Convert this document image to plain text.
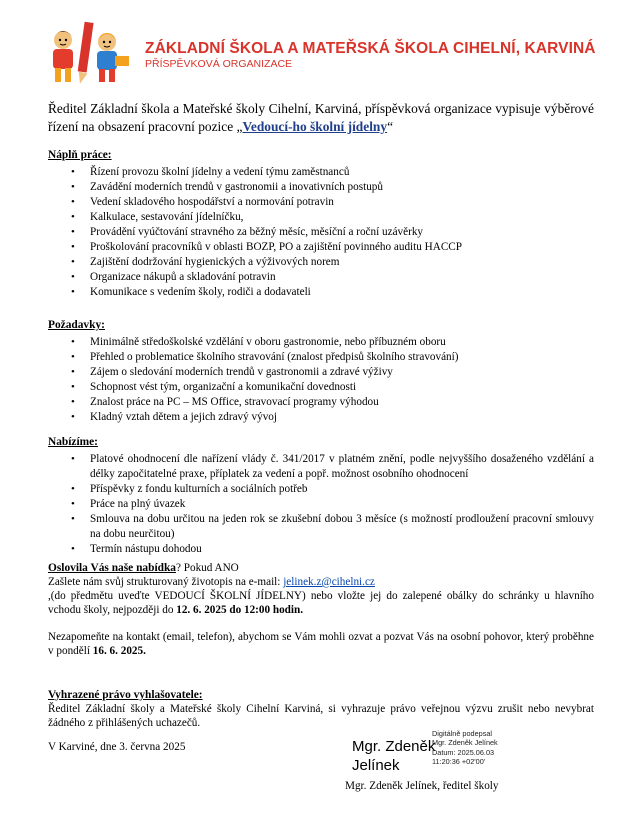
ZÁKLADNÍ ŠKOLA A MATEŘSKÁ ŠKOLA CIHELNÍ, KARVINÁ
PŘÍSPĚVKOVÁ ORGANIZACE
Ředitel Základní škola a Mateřské školy Cihelní, Karviná, příspěvková organizace vypisuje výběrové řízení na obsazení pracovní pozice „Vedoucí-ho školní jídelny“
Náplň práce:
• Řízení provozu školní jídelny a vedení týmu zaměstnanců
• Zavádění moderních trendů v gastronomii a inovativních postupů
• Vedení skladového hospodářství a normování potravin
• Kalkulace, sestavování jídelníčku,
• Provádění vyúčtování stravného za běžný měsíc, měsíční a roční uzávěrky
• Proškolování pracovníků v oblasti BOZP, PO a zajištění povinného auditu HACCP
• Zajištění dodržování hygienických a výživových norem
• Organizace nákupů a skladování potravin
• Komunikace s vedením školy, rodiči a dodavateli
Požadavky:
• Minimálně středoškolské vzdělání v oboru gastronomie, nebo příbuzném oboru
• Přehled o problematice školního stravování (znalost předpisů školního stravování)
• Zájem o sledování moderních trendů v gastronomii a zdravé výživy
• Schopnost vést tým, organizační a komunikační dovednosti
• Znalost práce na PC – MS Office, stravovací programy výhodou
• Kladný vztah dětem a jejich zdravý vývoj
Nabízíme:
• Platové ohodnocení dle nařízení vlády č. 341/2017 v platném znění, podle nejvyššího dosaženého vzdělání a délky započitatelné praxe, příplatek za vedení a popř. možnost osobního ohodnocení
• Příspěvky z fondu kulturních a sociálních potřeb
• Práce na plný úvazek
• Smlouva na dobu určitou na jeden rok se zkušební dobou 3 měsíce (s možností prodloužení pracovní smlouvy na dobu neurčitou)
• Termín nástupu dohodou
Oslovila Vás naše nabídka? Pokud ANO
Zašlete nám svůj strukturovaný životopis na e-mail: jelinek.z@cihelni.cz
,(do předmětu uveďte VEDOUCÍ ŠKOLNÍ JÍDELNY) nebo vložte jej do zalepené obálky do schránky u hlavního vchodu školy, nejpozději do 12. 6. 2025 do 12:00 hodin.
Nezapomeňte na kontakt (email, telefon), abychom se Vám mohli ozvat a pozvat Vás na osobní pohovor, který proběhne v pondělí 16. 6. 2025.
Vyhrazené právo vyhlašovatele:
Ředitel Základní školy a Mateřské školy Cihelní Karviná, si vyhrazuje právo veřejnou výzvu zrušit nebo nevybrat žádného z přihlášených uchazečů.
V Karviné, dne 3. června 2025	Mgr. Zdeněk
Jelínek
Digitálně podepsal
Mgr. Zdeněk Jelínek
Datum: 2025.06.03
11:20:36 +02'00'
Mgr. Zdeněk Jelínek, ředitel školy
